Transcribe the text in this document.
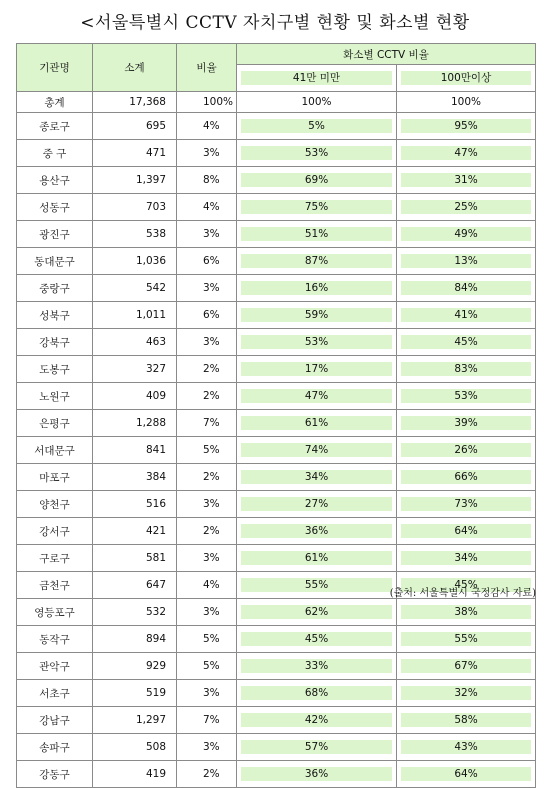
<서울특별시 CCTV 자치구별 현황 및 화소별 현황
기관명	소계	비율	화소별 CCTV 비율	

			41만 미만	100만이상

총계	17,368	100%	100%	100%
종로구	695	4%	5%	95%

중 구	471	3%	53%	47%

용산구	1,397	8%	69%	31%

성동구	703	4%	75%	25%

광진구	538	3%	51%	49%

동대문구	1,036	6%	87%	13%

중랑구	542	3%	16%	84%

성북구	1,011	6%	59%	41%

강북구	463	3%	53%	45%

도봉구	327	2%	17%	83%

노원구	409	2%	47%	53%

은평구	1,288	7%	61%	39%

서대문구	841	5%	74%	26%

마포구	384	2%	34%	66%

양천구	516	3%	27%	73%

강서구	421	2%	36%	64%

구로구	581	3%	61%	34%

금천구	647	4%	55%	45%

영등포구	532	3%	62%	38%

동작구	894	5%	45%	55%

관악구	929	5%	33%	67%

서초구	519	3%	68%	32%

강남구	1,297	7%	42%	58%

송파구	508	3%	57%	43%

강동구	419	2%	36%	64%
(출처: 서울특별시 국정감사 자료)
